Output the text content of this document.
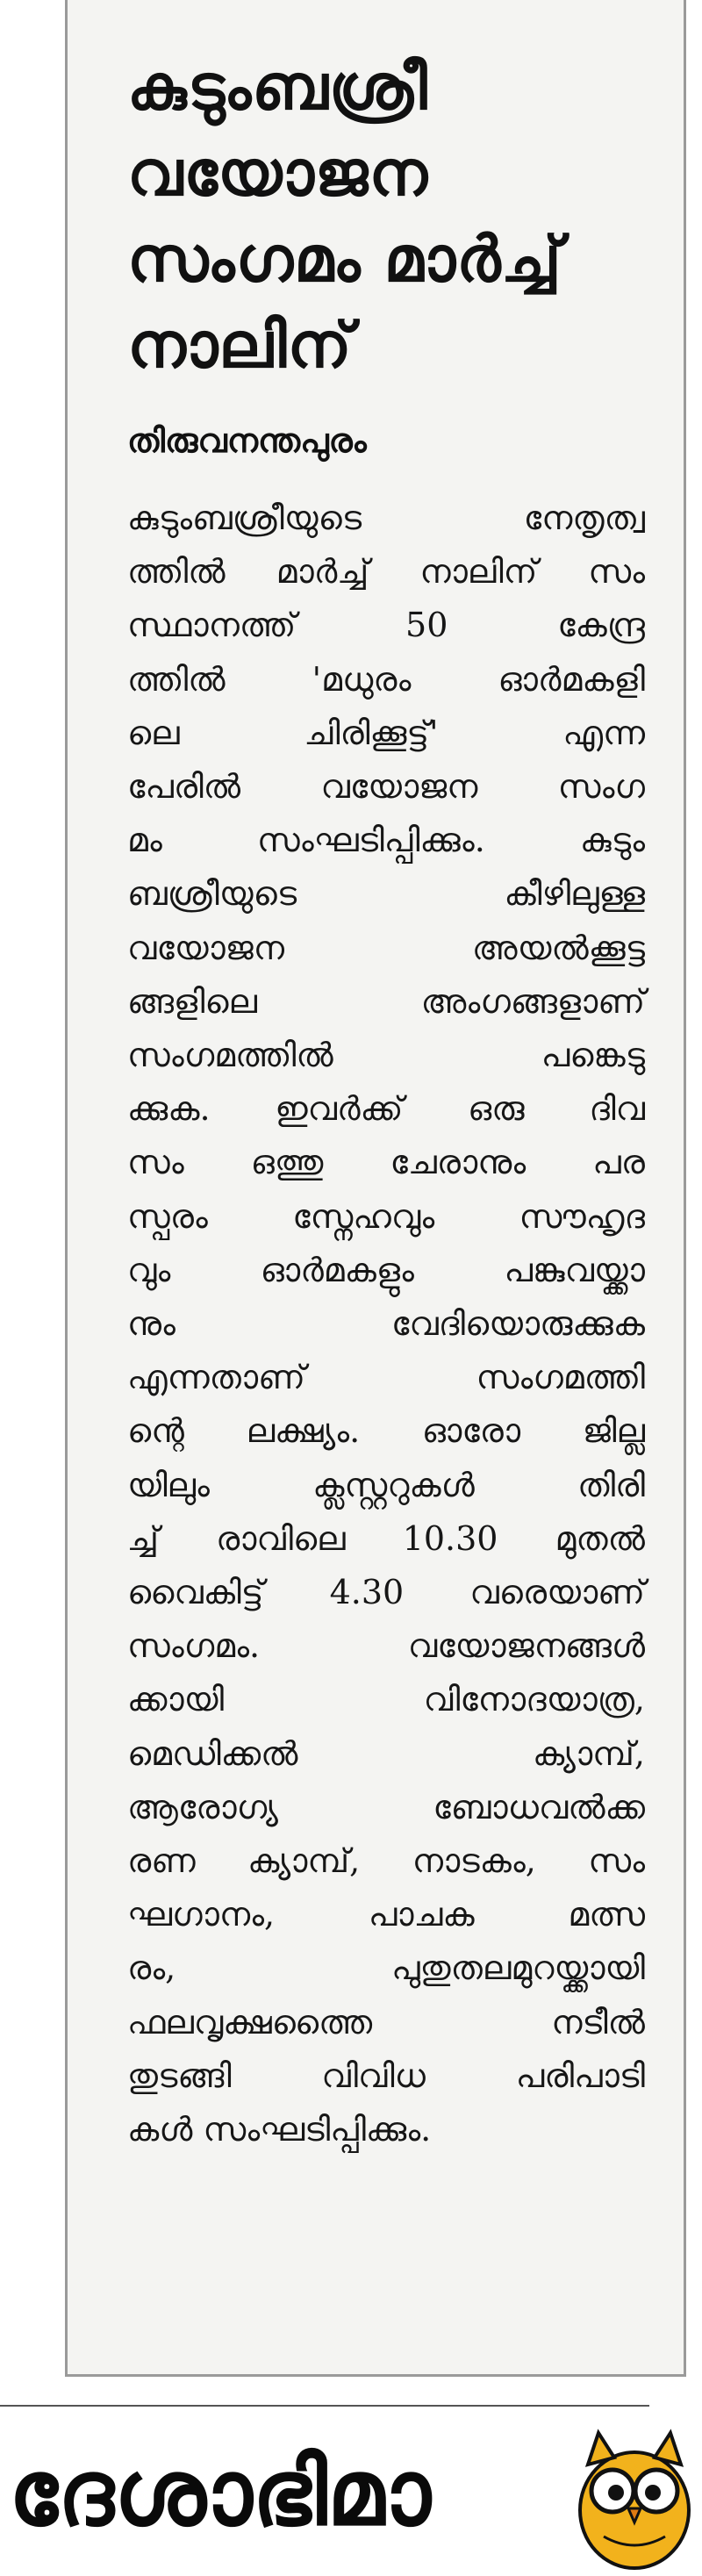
കുടുംബശ്രീ
വയോജന
സംഗമം മാർച്ച്
നാലിന്
തിരുവനന്തപുരം
കുടുംബശ്രീയുടെ നേതൃത്വ
ത്തിൽ മാർച്ച് നാലിന് സം
സ്ഥാനത്ത് 50 കേന്ദ്ര
ത്തിൽ 'മധുരം ഓർമകളി
ലെ ചിരിക്കൂട്ട്' എന്ന
പേരിൽ വയോജന സംഗ
മം സംഘടിപ്പിക്കും. കുടും
ബശ്രീയുടെ കീഴിലുള്ള
വയോജന അയൽക്കൂട്ട
ങ്ങളിലെ അംഗങ്ങളാണ്
സംഗമത്തിൽ പങ്കെടു
ക്കുക. ഇവർക്ക് ഒരു ദിവ
സം ഒത്തു ചേരാനും പര
സ്പരം സ്നേഹവും സൗഹൃദ
വും ഓർമകളും പങ്കുവയ്ക്കാ
നും വേദിയൊരുക്കുക
എന്നതാണ് സംഗമത്തി
ന്റെ ലക്ഷ്യം. ഓരോ ജില്ല
യിലും ക്ലസ്റ്ററുകൾ തിരി
ച്ച് രാവിലെ 10.30 മുതൽ
വൈകിട്ട് 4.30 വരെയാണ്
സംഗമം. വയോജനങ്ങൾ
ക്കായി വിനോദയാത്ര,
മെഡിക്കൽ ക്യാമ്പ്,
ആരോഗ്യ ബോധവൽക്ക
രണ ക്യാമ്പ്, നാടകം, സം
ഘഗാനം, പാചക മത്സ
രം, പുതുതലമുറയ്ക്കായി
ഫലവൃക്ഷത്തൈ നടീൽ
തുടങ്ങി വിവിധ പരിപാടി
കൾ സംഘടിപ്പിക്കും.
ദേശാഭിമാ
